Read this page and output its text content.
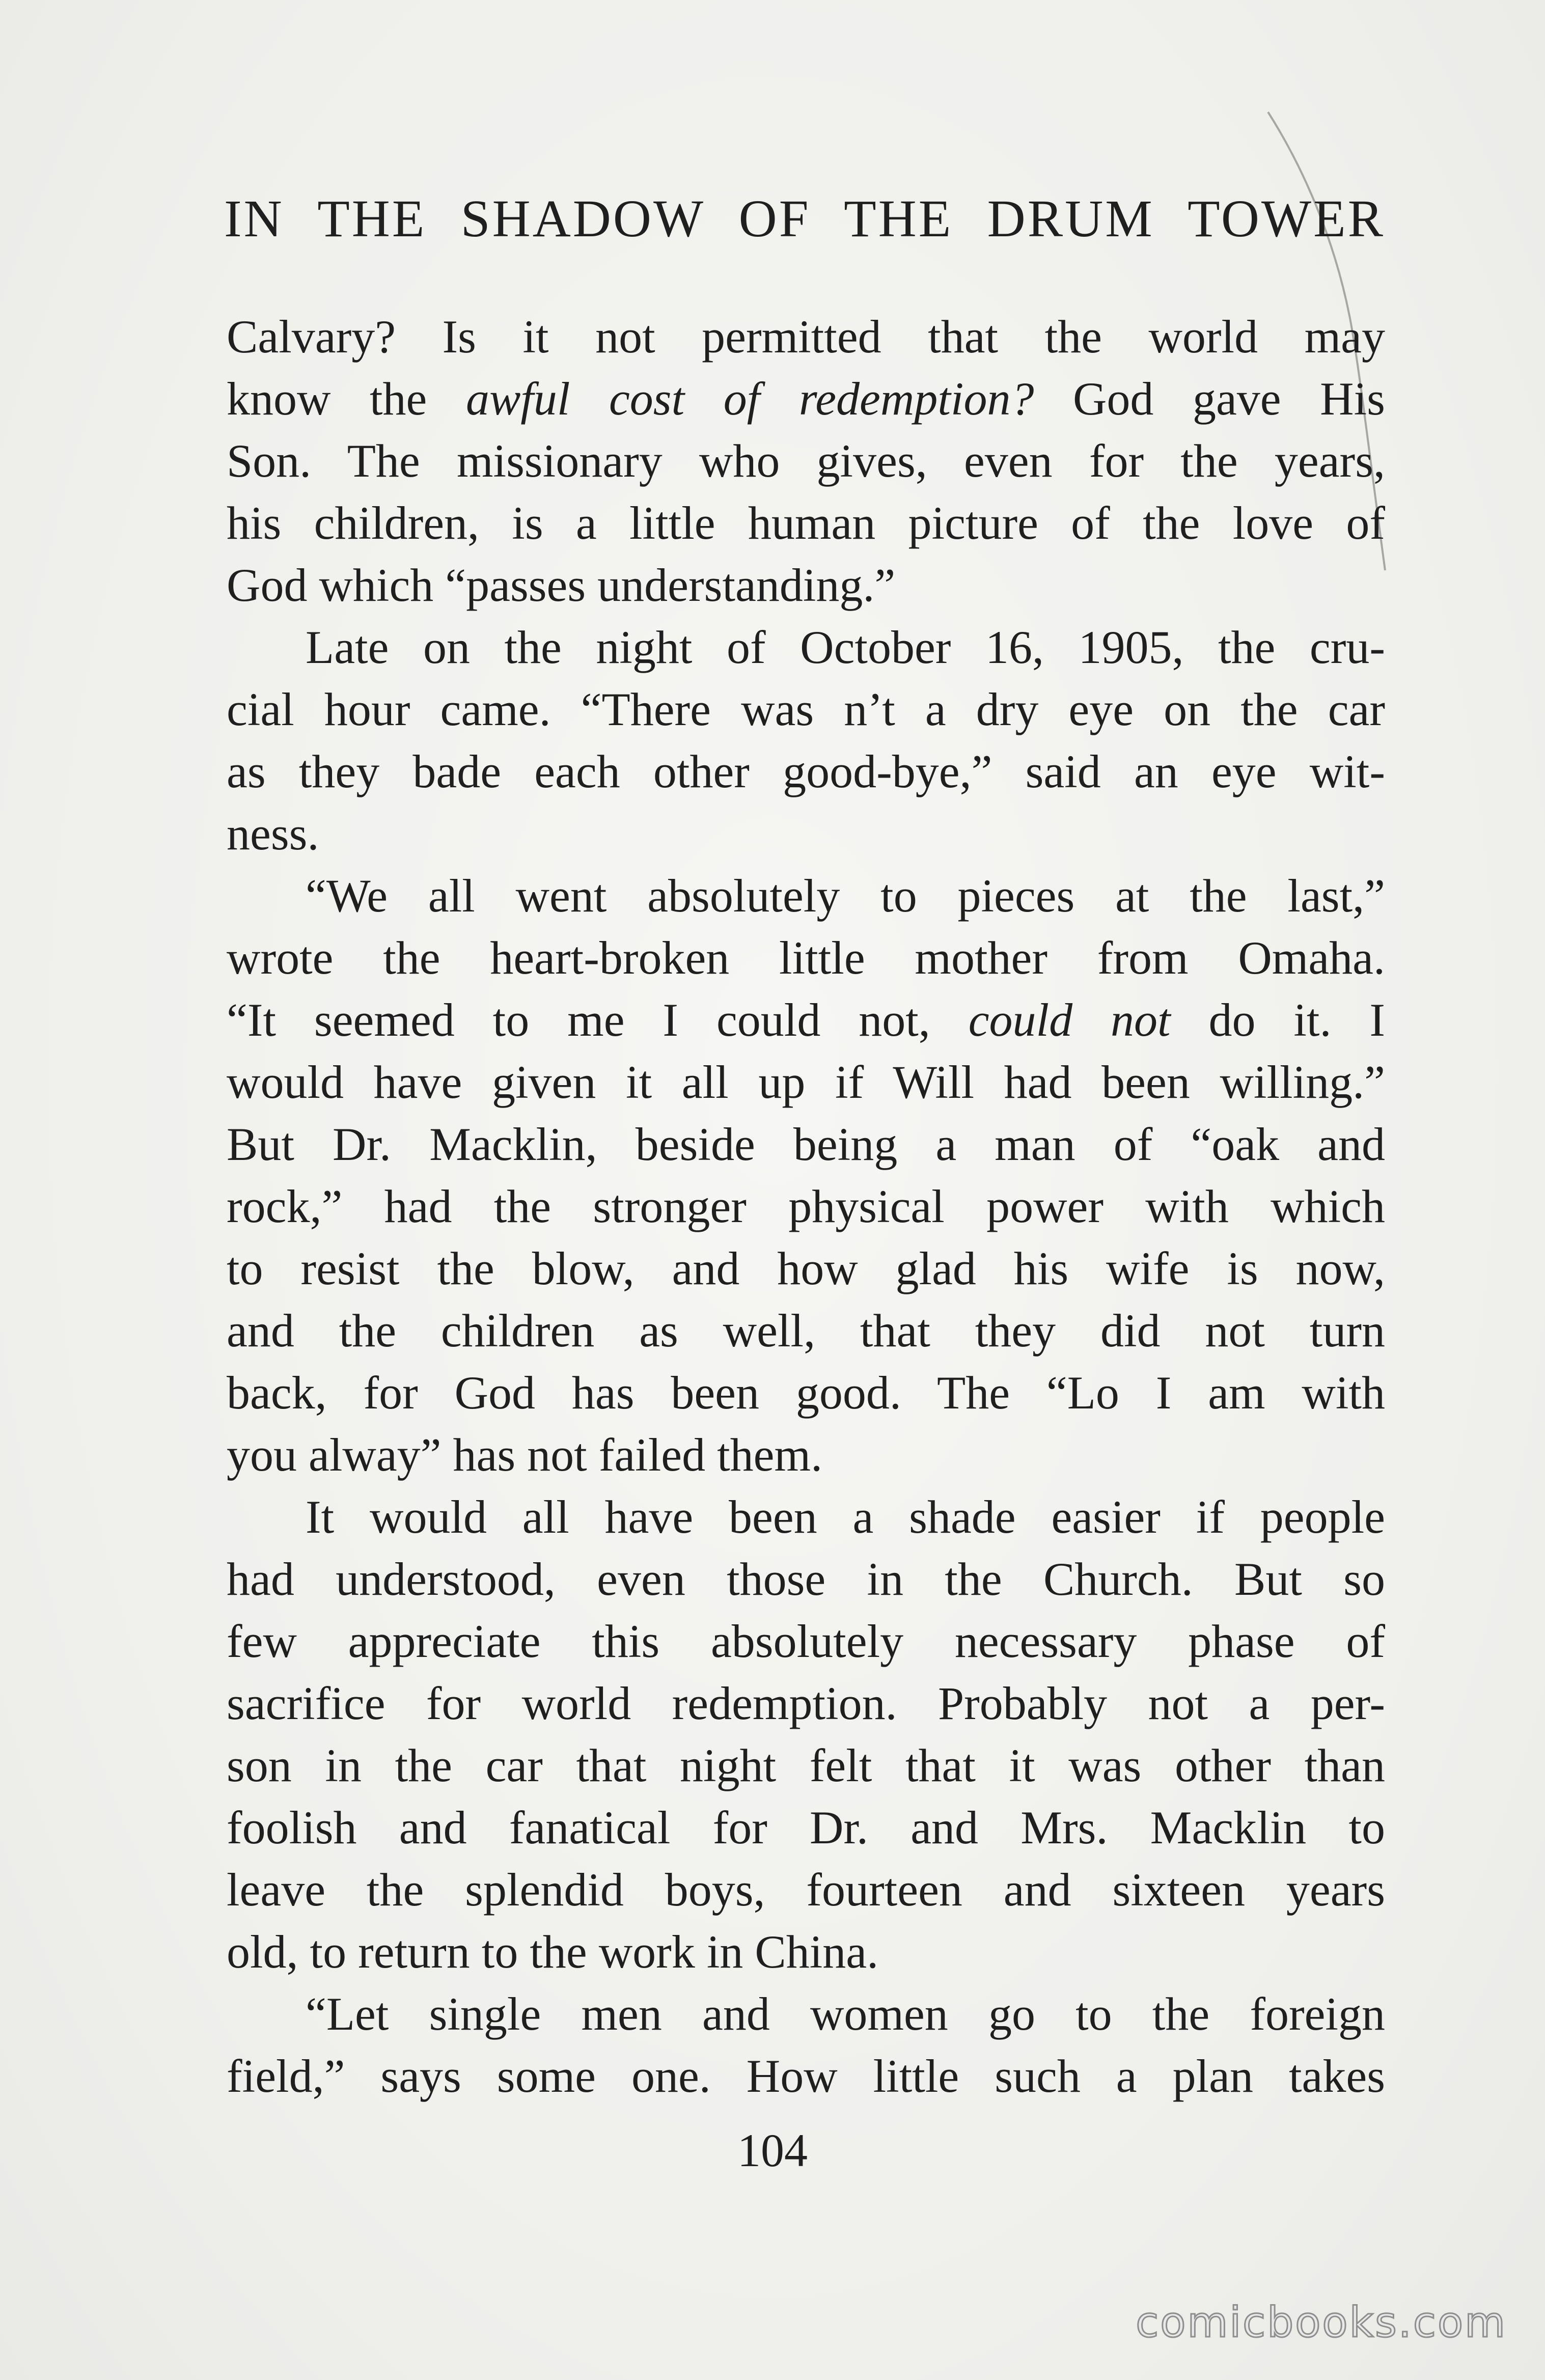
IN THE SHADOW OF THE DRUM TOWER
Calvary? Is it not permitted that the world may
know the awful cost of redemption? God gave His
Son. The missionary who gives, even for the years,
his children, is a little human picture of the love of
God which “passes understanding.”
Late on the night of October 16, 1905, the cru-
cial hour came. “There was n’t a dry eye on the car
as they bade each other good-bye,” said an eye wit-
ness.
“We all went absolutely to pieces at the last,”
wrote the heart-broken little mother from Omaha.
“It seemed to me I could not, could not do it. I
would have given it all up if Will had been willing.”
But Dr. Macklin, beside being a man of “oak and
rock,” had the stronger physical power with which
to resist the blow, and how glad his wife is now,
and the children as well, that they did not turn
back, for God has been good. The “Lo I am with
you alway” has not failed them.
It would all have been a shade easier if people
had understood, even those in the Church. But so
few appreciate this absolutely necessary phase of
sacrifice for world redemption. Probably not a per-
son in the car that night felt that it was other than
foolish and fanatical for Dr. and Mrs. Macklin to
leave the splendid boys, fourteen and sixteen years
old, to return to the work in China.
“Let single men and women go to the foreign
field,” says some one. How little such a plan takes
104
comicbooks.com
